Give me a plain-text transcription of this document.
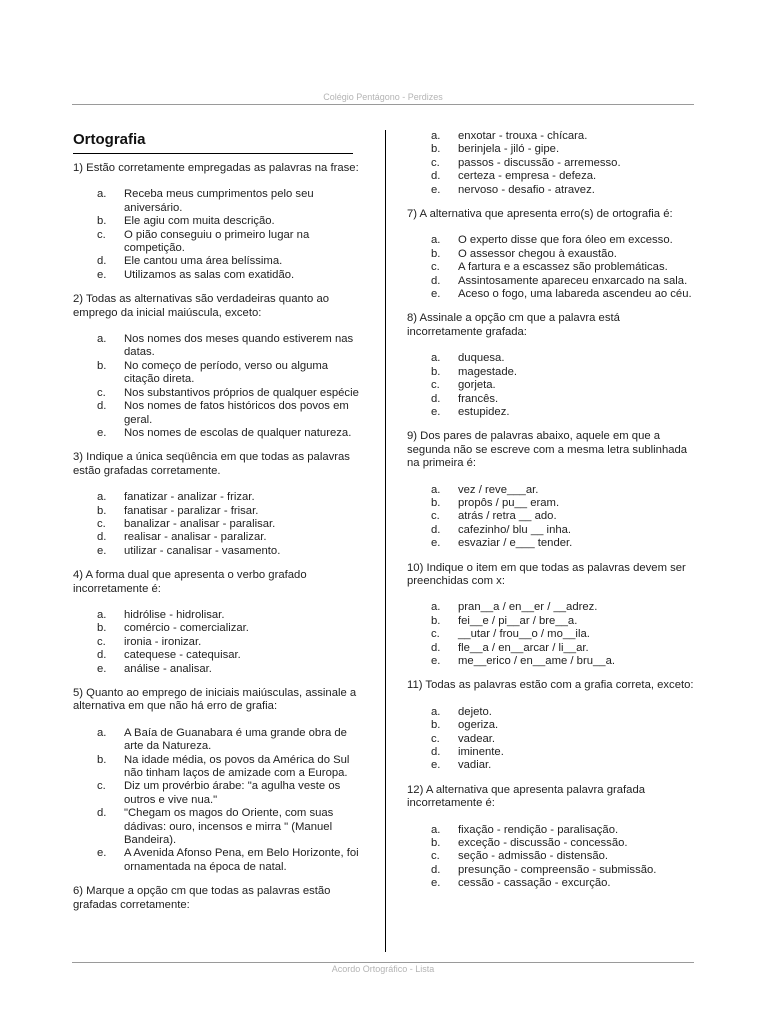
Colégio Pentágono - Perdizes
Ortografia
1) Estão corretamente empregadas as palavras na frase:
a.	Receba meus cumprimentos pelo seu aniversário.
b.	Ele agiu com muita descrição.
c.	O pião conseguiu o primeiro lugar na competição.
d.	Ele cantou uma área belíssima.
e.	Utilizamos as salas com exatidão.
2) Todas as alternativas são verdadeiras quanto ao emprego da inicial maiúscula, exceto:
a.	Nos nomes dos meses quando estiverem nas datas.
b.	No começo de período, verso ou alguma citação direta.
c.	Nos substantivos próprios de qualquer espécie
d.	Nos nomes de fatos históricos dos povos em geral.
e.	Nos nomes de escolas de qualquer natureza.
3) Indique a única seqüência em que todas as palavras estão grafadas corretamente.
a.	fanatizar - analizar - frizar.
b.	fanatisar - paralizar - frisar.
c.	banalizar - analisar - paralisar.
d.	realisar - analisar - paralizar.
e.	utilizar - canalisar - vasamento.
4) A forma dual que apresenta o verbo grafado incorretamente é:
a.	hidrólise - hidrolisar.
b.	comércio - comercializar.
c.	ironia - ironizar.
d.	catequese - catequisar.
e.	análise - analisar.
5) Quanto ao emprego de iniciais maiúsculas, assinale a alternativa em que não há erro de grafia:
a.	A Baía de Guanabara é uma grande obra de arte da Natureza.
b.	Na idade média, os povos da América do Sul não tinham laços de amizade com a Europa.
c.	Diz um provérbio árabe: "a agulha veste os outros e vive nua."
d.	"Chegam os magos do Oriente, com suas dádivas: ouro, incensos e mirra " (Manuel Bandeira).
e.	A Avenida Afonso Pena, em Belo Horizonte, foi ornamentada na época de natal.
6) Marque a opção cm que todas as palavras estão grafadas corretamente:
a.	enxotar - trouxa - chícara.
b.	berinjela - jiló - gipe.
c.	passos - discussão - arremesso.
d.	certeza - empresa - defeza.
e.	nervoso - desafio - atravez.
7) A alternativa que apresenta erro(s) de ortografia é:
a.	O experto disse que fora óleo em excesso.
b.	O assessor chegou à exaustão.
c.	A fartura e a escassez são problemáticas.
d.	Assintosamente apareceu enxarcado na sala.
e.	Aceso o fogo, uma labareda ascendeu ao céu.
8) Assinale a opção cm que a palavra está incorretamente grafada:
a.	duquesa.
b.	magestade.
c.	gorjeta.
d.	francês.
e.	estupidez.
9) Dos pares de palavras abaixo, aquele em que a segunda não se escreve com a mesma letra sublinhada na primeira é:
a.	vez / reve___ar.
b.	propôs / pu__ eram.
c.	atrás / retra __ ado.
d.	cafezinho/ blu __ inha.
e.	esvaziar / e___ tender.
10) Indique o item em que todas as palavras devem ser preenchidas com x:
a.	pran__a / en__er / __adrez.
b.	fei__e / pi__ar / bre__a.
c.	__utar / frou__o / mo__ila.
d.	fle__a / en__arcar / li__ar.
e.	me__erico / en__ame / bru__a.
11) Todas as palavras estão com a grafia correta, exceto:
a.	dejeto.
b.	ogeriza.
c.	vadear.
d.	iminente.
e.	vadiar.
12) A alternativa que apresenta palavra grafada incorretamente é:
a.	fixação - rendição - paralisação.
b.	exceção - discussão - concessão.
c.	seção - admissão - distensão.
d.	presunção - compreensão - submissão.
e.	cessão - cassação - excurção.
Acordo Ortográfico - Lista
